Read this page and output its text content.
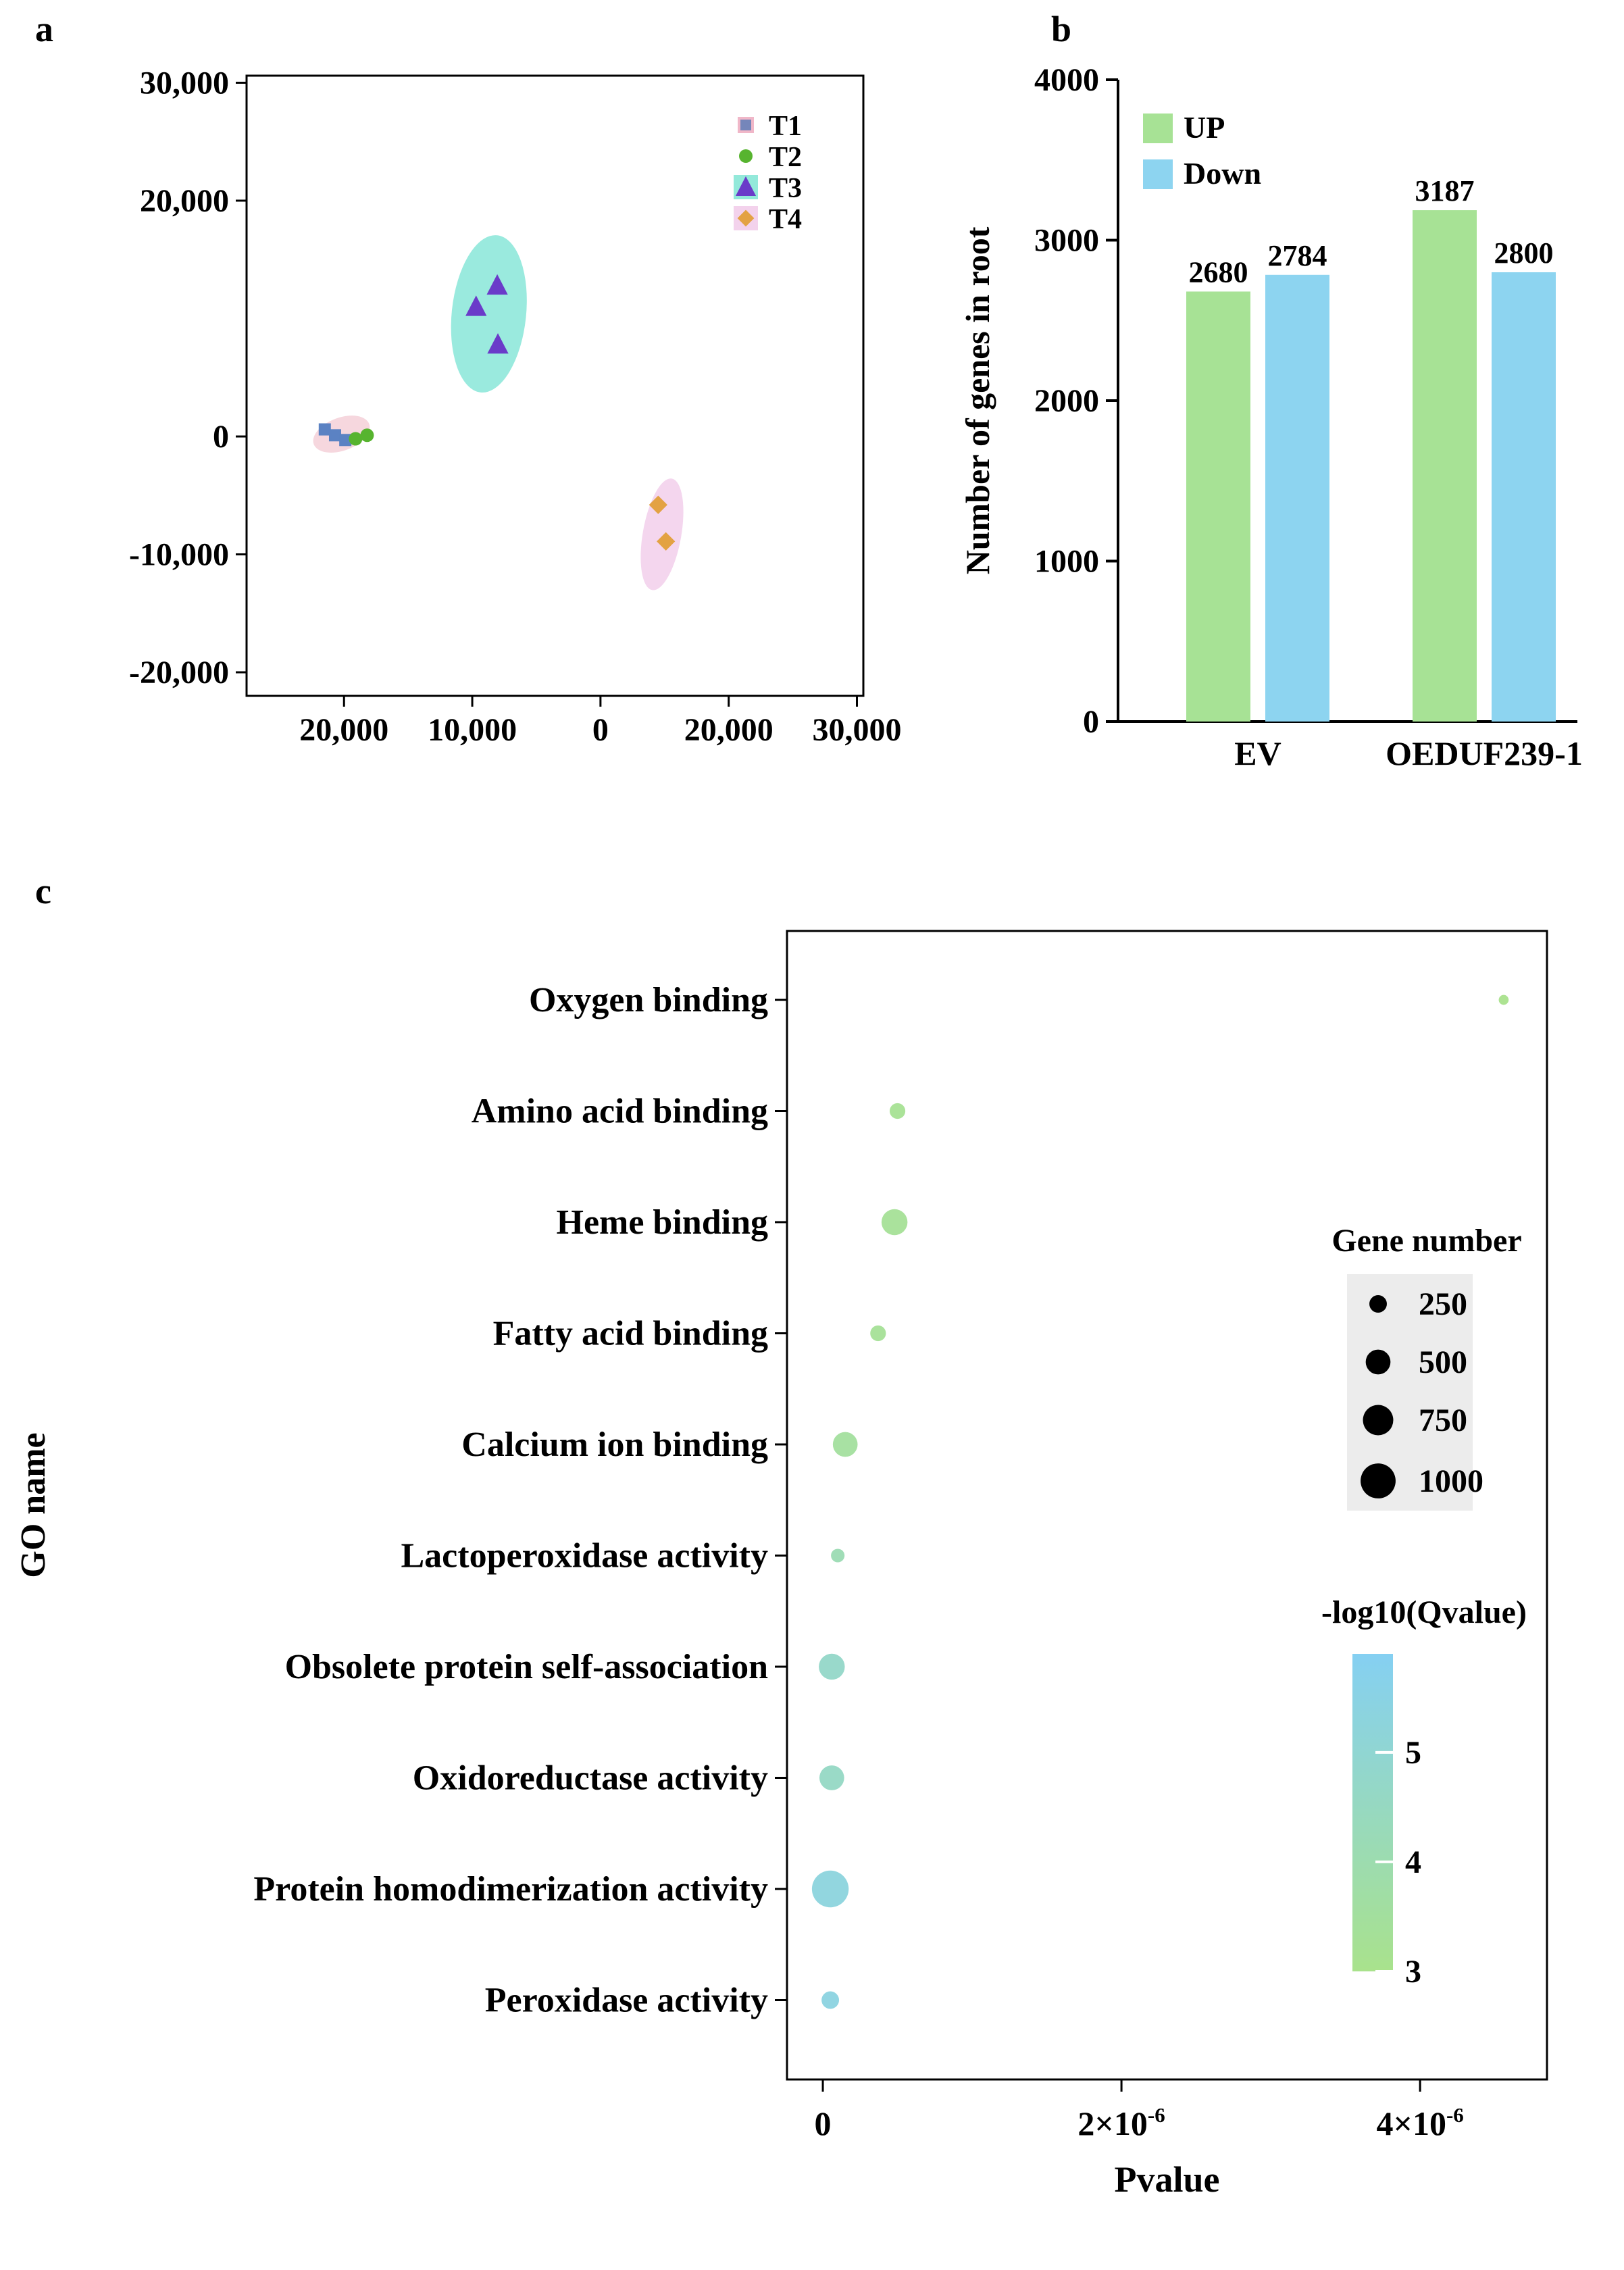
a	b
c
30,000
20,000
0
-10,000
-20,000
20,000 10,000 0 20,000 30,000
T1
T2
T3
T4
0
1000
2000
3000
4000
EV	OEDUF239-1
2680
3187
2784	2800
UP
Down
Number of genes in root
Oxygen binding
Amino acid binding
Heme binding
Fatty acid binding
Calcium ion binding
Lactoperoxidase activity
Obsolete protein self-association
Oxidoreductase activity
Protein homodimerization activity
Peroxidase activity
0	$2\times 10^{-6}$	$4\times 10^{-6}$
Pvalue
GO name
Gene number
250
500
750
1000
-log10(Qvalue)
5
4
3
